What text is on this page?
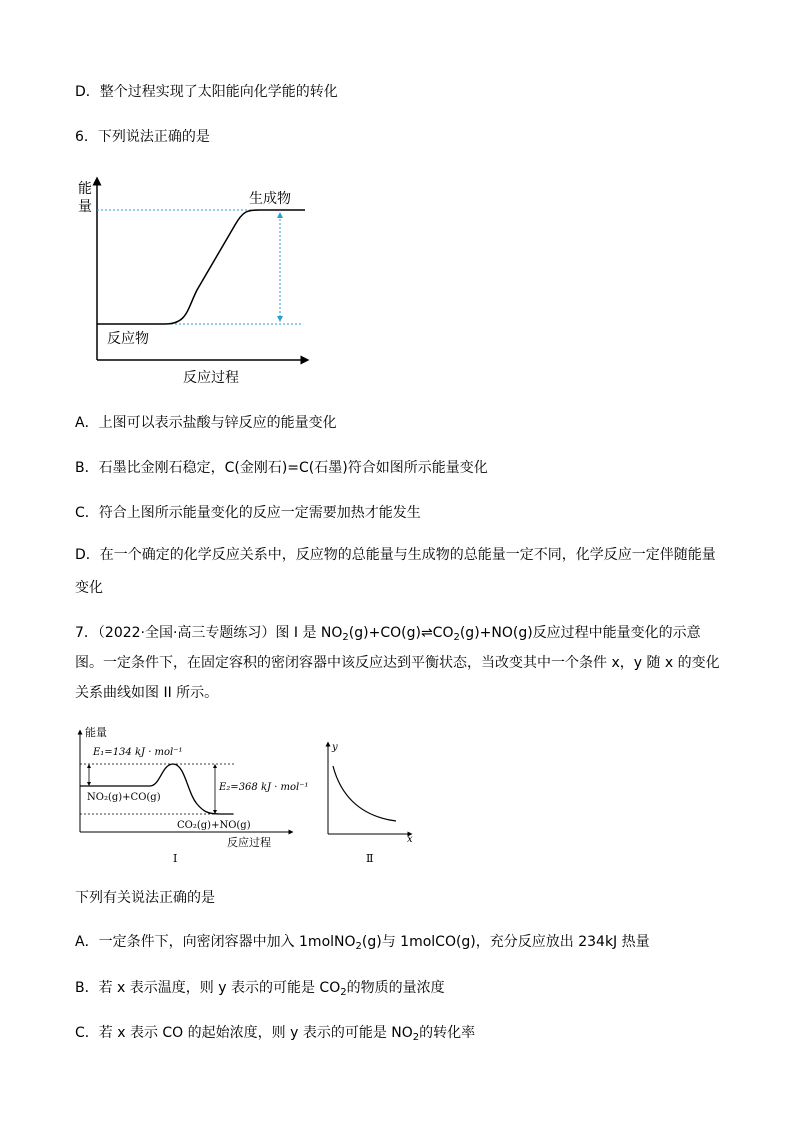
D．整个过程实现了太阳能向化学能的转化
6．下列说法正确的是
能
量	生成物
反应物
反应过程
A．上图可以表示盐酸与锌反应的能量变化
B．石墨比金刚石稳定，C(金刚石)=C(石墨)符合如图所示能量变化
C．符合上图所示能量变化的反应一定需要加热才能发生
D．在一个确定的化学反应关系中，反应物的总能量与生成物的总能量一定不同，化学反应一定伴随能量
变化
7．（2022·全国·高三专题练习）图 I 是 $NO_2(g)+CO(g)\rightleftharpoons CO_2(g)+NO(g)$反应过程中能量变化的示意图。一定条件下，在固定容积的密闭容器中该反应达到平衡状态，当改变其中一个条件 x，y 随 x 的变化关系曲线如图 II 所示。
能量
E₁=134 kJ · mol⁻¹
E₂=368 kJ · mol⁻¹
NO₂(g)+CO(g)
CO₂(g)+NO(g)
反应过程
I
y
x
Ⅱ
下列有关说法正确的是
A．一定条件下，向密闭容器中加入 1molNO$_2$(g)与 1molCO(g)，充分反应放出 234kJ 热量
B．若 x 表示温度，则 y 表示的可能是 $CO_2$的物质的量浓度
C．若 x 表示 CO 的起始浓度，则 y 表示的可能是 $NO_2$的转化率
